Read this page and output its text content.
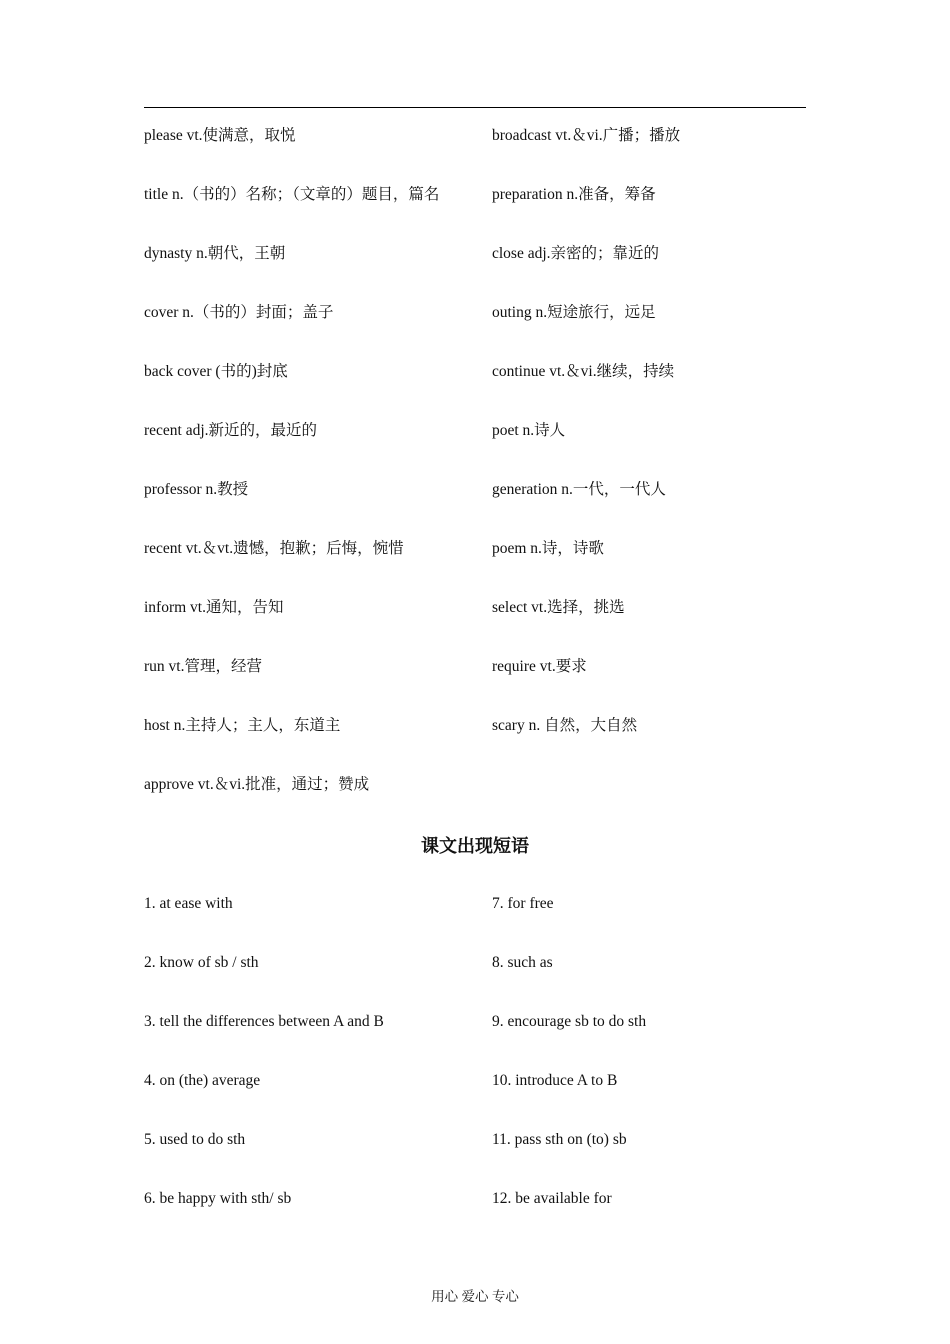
please vt.使满意，取悦	broadcast vt.＆vi.广播；播放
title n.（书的）名称；（文章的）题目，篇名	preparation n.准备，筹备
dynasty n.朝代，王朝	close adj.亲密的；靠近的
cover n.（书的）封面；盖子	outing n.短途旅行，远足
back cover (书的)封底	continue vt.＆vi.继续，持续
recent adj.新近的，最近的	poet n.诗人
professor n.教授	generation n.一代，一代人
recent vt.＆vt.遗憾，抱歉；后悔，惋惜	poem n.诗，诗歌
inform vt.通知，告知	select vt.选择，挑选
run vt.管理，经营	require vt.要求
host n.主持人；主人，东道主	scary n. 自然，大自然
approve vt.＆vi.批准，通过；赞成
课文出现短语
1. at ease with	7. for free
2. know of sb / sth	8. such as
3. tell the differences between A and B	9. encourage sb to do sth
4. on (the) average	10. introduce A to B
5. used to do sth	11. pass sth on (to) sb
6. be happy with sth/ sb	12. be available for
用心 爱心 专心
